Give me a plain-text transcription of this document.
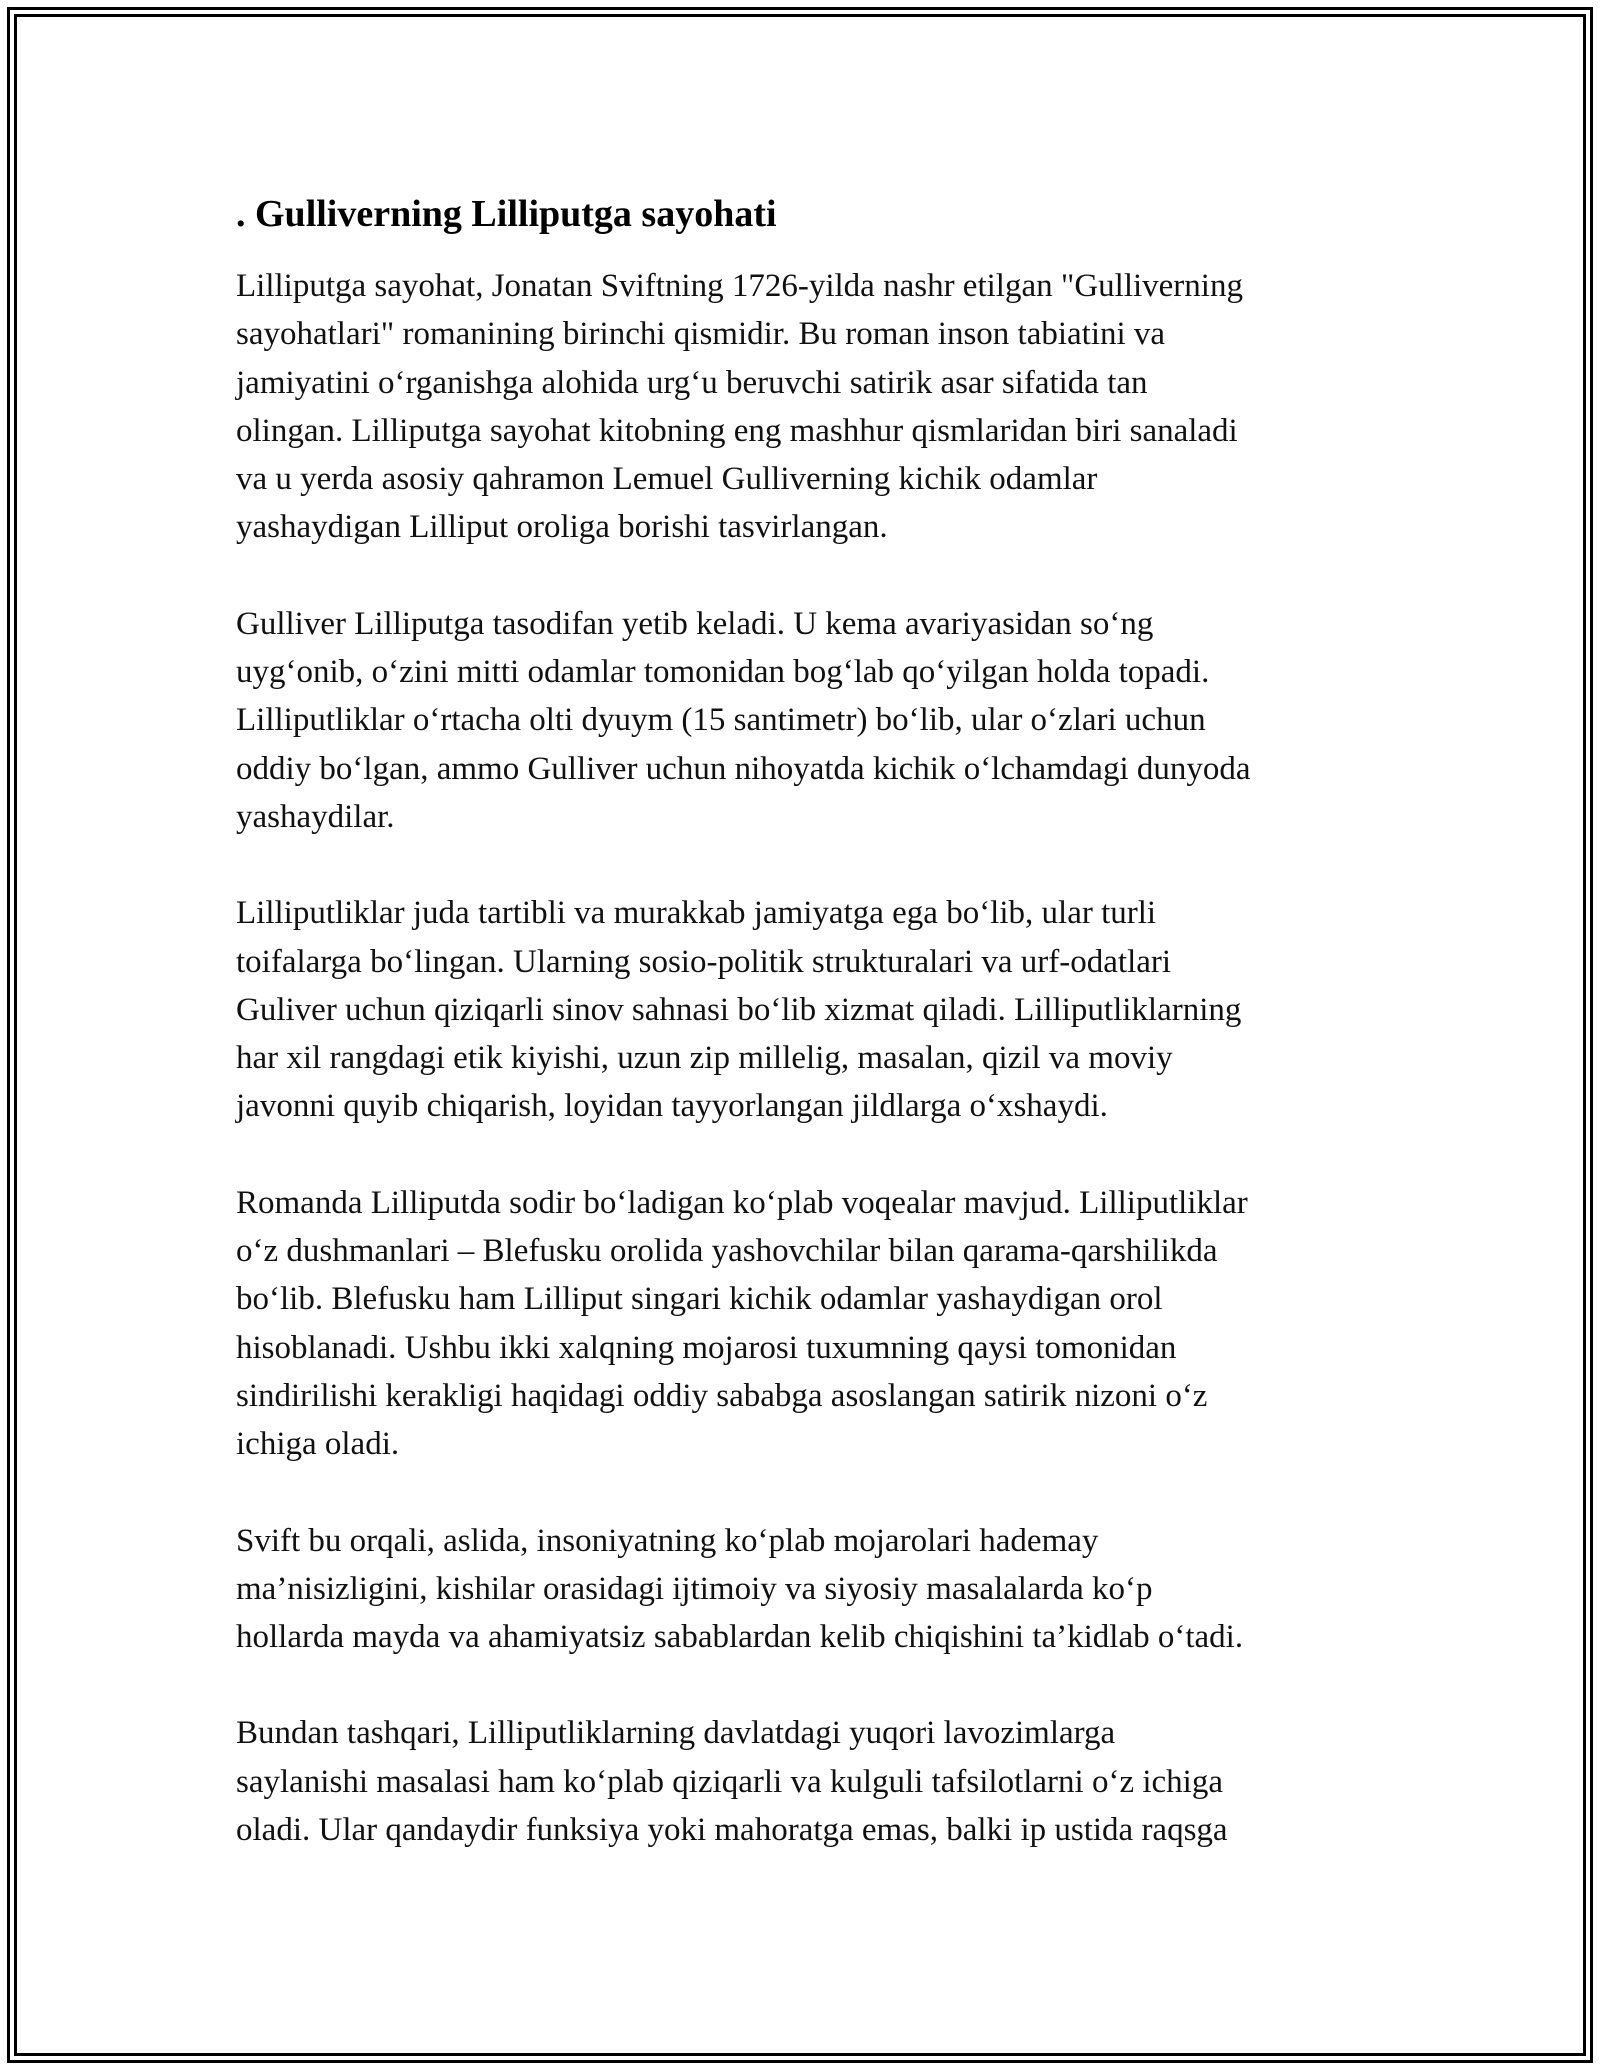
. Gulliverning Lilliputga sayohati

Lilliputga sayohat, Jonatan Sviftning 1726-yilda nashr etilgan "Gulliverning
sayohatlari" romanining birinchi qismidir. Bu roman inson tabiatini va
jamiyatini o‘rganishga alohida urg‘u beruvchi satirik asar sifatida tan
olingan. Lilliputga sayohat kitobning eng mashhur qismlaridan biri sanaladi
va u yerda asosiy qahramon Lemuel Gulliverning kichik odamlar
yashaydigan Lilliput oroliga borishi tasvirlangan.

Gulliver Lilliputga tasodifan yetib keladi. U kema avariyasidan so‘ng
uyg‘onib, o‘zini mitti odamlar tomonidan bog‘lab qo‘yilgan holda topadi.
Lilliputliklar o‘rtacha olti dyuym (15 santimetr) bo‘lib, ular o‘zlari uchun
oddiy bo‘lgan, ammo Gulliver uchun nihoyatda kichik o‘lchamdagi dunyoda
yashaydilar.

Lilliputliklar juda tartibli va murakkab jamiyatga ega bo‘lib, ular turli
toifalarga bo‘lingan. Ularning sosio-politik strukturalari va urf-odatlari
Guliver uchun qiziqarli sinov sahnasi bo‘lib xizmat qiladi. Lilliputliklarning
har xil rangdagi etik kiyishi, uzun zip millelig, masalan, qizil va moviy
javonni quyib chiqarish, loyidan tayyorlangan jildlarga o‘xshaydi.

Romanda Lilliputda sodir bo‘ladigan ko‘plab voqealar mavjud. Lilliputliklar
o‘z dushmanlari – Blefusku orolida yashovchilar bilan qarama-qarshilikda
bo‘lib. Blefusku ham Lilliput singari kichik odamlar yashaydigan orol
hisoblanadi. Ushbu ikki xalqning mojarosi tuxumning qaysi tomonidan
sindirilishi kerakligi haqidagi oddiy sababga asoslangan satirik nizoni o‘z
ichiga oladi.

Svift bu orqali, aslida, insoniyatning ko‘plab mojarolari hademay
ma’nisizligini, kishilar orasidagi ijtimoiy va siyosiy masalalarda ko‘p
hollarda mayda va ahamiyatsiz sabablardan kelib chiqishini ta’kidlab o‘tadi.

Bundan tashqari, Lilliputliklarning davlatdagi yuqori lavozimlarga
saylanishi masalasi ham ko‘plab qiziqarli va kulguli tafsilotlarni o‘z ichiga
oladi. Ular qandaydir funksiya yoki mahoratga emas, balki ip ustida raqsga
